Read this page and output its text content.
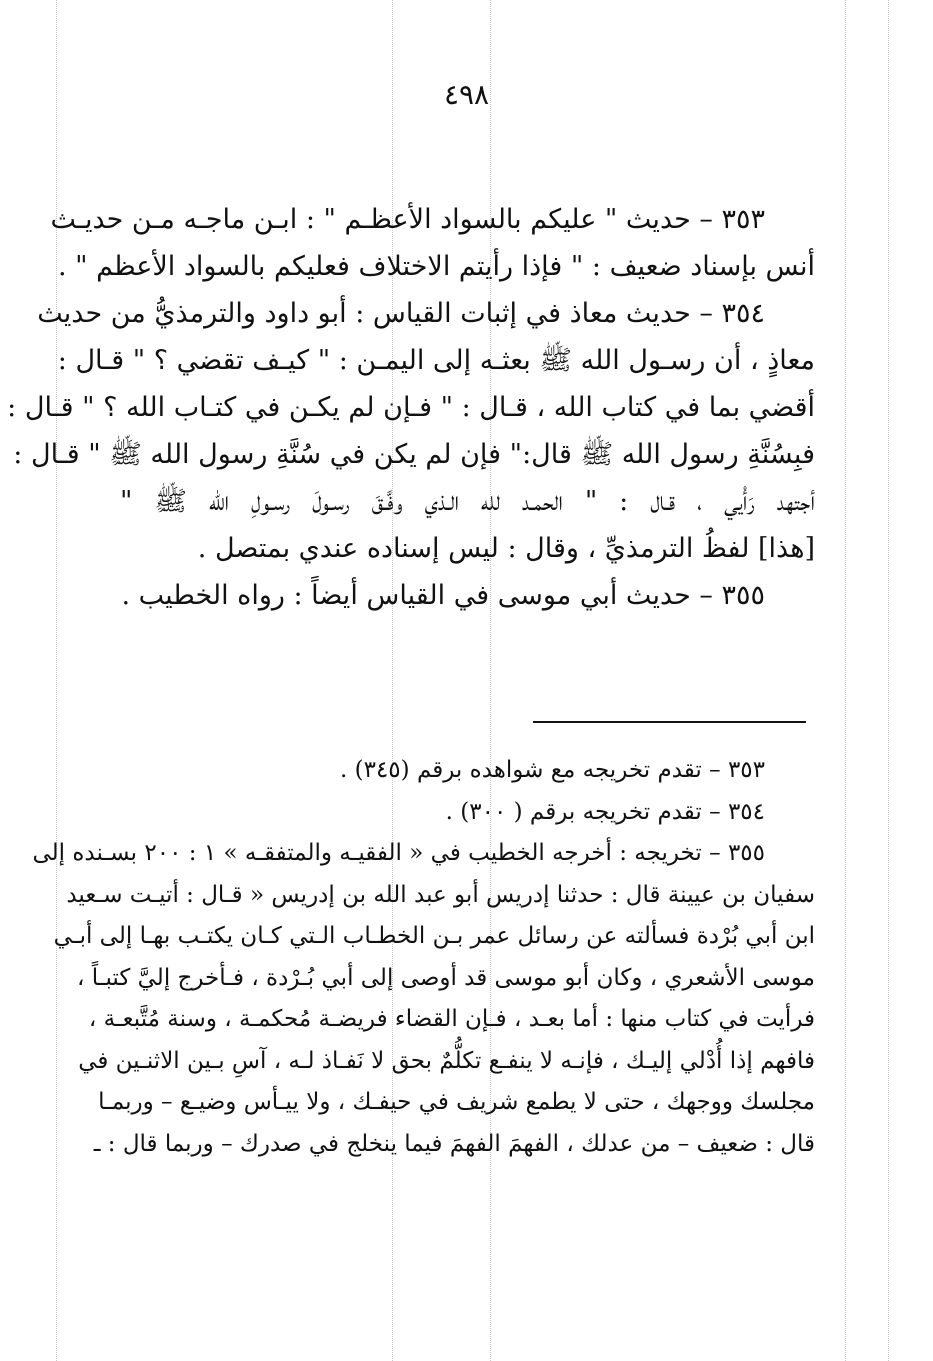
٤٩٨
٣٥٣ – حديث " عليكم بالسواد الأعظـم " : ابـن ماجـه مـن حديـث
أنس بإسناد ضعيف : " فإذا رأيتم الاختلاف فعليكم بالسواد الأعظم " .
٣٥٤ – حديث معاذ في إثبات القياس : أبو داود والترمذيُّ من حديث
معاذٍ ، أن رسـول الله ﷺ بعثـه إلى اليمـن : " كيـف تقضي ؟ " قـال :
أقضي بما في كتاب الله ، قـال : " فـإن لم يكـن في كتـاب الله ؟ " قـال :
فبِسُنَّةِ رسول الله ﷺ قال:" فإن لم يكن في سُنَّةِ رسول الله ﷺ " قـال :
أجتهد رَأْيي ، قـال : " الحمـد لله الـذي وفَّـقَ رسـولَ رسـولِ الله ﷺ "
[هذا] لفظُ الترمذيِّ ، وقال : ليس إسناده عندي بمتصل .
٣٥٥ – حديث أبي موسى في القياس أيضاً : رواه الخطيب .
٣٥٣ – تقدم تخريجه مع شواهده برقم (٣٤٥) .
٣٥٤ – تقدم تخريجه برقم ( ٣٠٠) .
٣٥٥ – تخريجه : أخرجه الخطيب في « الفقيـه والمتفقـه » ١ : ٢٠٠ بسـنده إلى
سفيان بن عيينة قال : حدثنا إدريس أبو عبد الله بن إدريس « قـال : أتيـت سـعيد
ابن أبي بُرْدة فسألته عن رسائل عمر بـن الخطـاب الـتي كـان يكتـب بهـا إلى أبـي
موسى الأشعري ، وكان أبو موسى قد أوصى إلى أبي بُـرْدة ، فـأخرج إليَّ كتبـاً ،
فرأيت في كتاب منها : أما بعـد ، فـإن القضاء فريضـة مُحكمـة ، وسنة مُتَّبعـة ،
فافهم إذا أُدْلي إليـك ، فإنـه لا ينفـع تكلُّمٌ بحق لا نَفـاذ لـه ، آسِ بـين الاثنـين في
مجلسك ووجهك ، حتى لا يطمع شريف في حيفـك ، ولا ييـأس وضيـع – وربمـا
قال : ضعيف – من عدلك ، الفهمَ الفهمَ فيما ينخلج في صدرك – وربما قال : ـ
